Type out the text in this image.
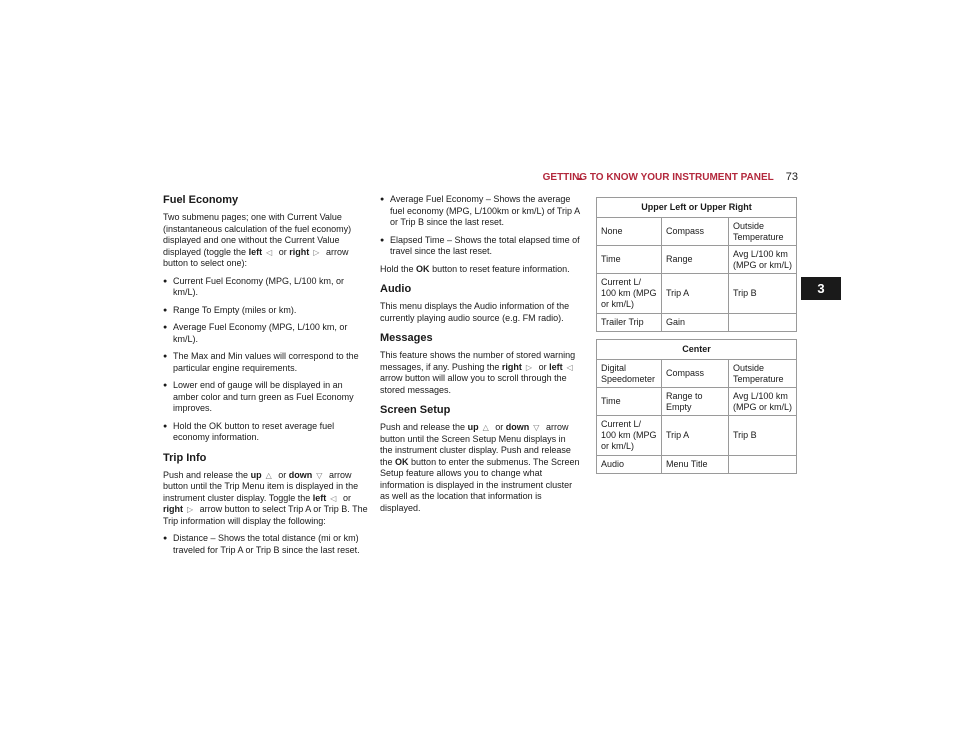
GETTING TO KNOW YOUR INSTRUMENT PANEL 73
3
Fuel Economy

Two submenu pages; one with Current Value (instantaneous calculation of the fuel economy) displayed and one without the Current Value displayed (toggle the left ◁ or right ▷ arrow button to select one):

● Current Fuel Economy (MPG, L/100 km, or km/L).
● Range To Empty (miles or km).
● Average Fuel Economy (MPG, L/100 km, or km/L).
● The Max and Min values will correspond to the particular engine requirements.
● Lower end of gauge will be displayed in an amber color and turn green as Fuel Economy improves.
● Hold the OK button to reset average fuel economy information.
Trip Info

Push and release the up △ or down ▽ arrow button until the Trip Menu item is displayed in the instrument cluster display. Toggle the left ◁ or right ▷ arrow button to select Trip A or Trip B. The Trip information will display the following:

● Distance – Shows the total distance (mi or km) traveled for Trip A or Trip B since the last reset.
● Average Fuel Economy – Shows the average fuel economy (MPG, L/100km or km/L) of Trip A or Trip B since the last reset.
● Elapsed Time – Shows the total elapsed time of travel since the last reset.

Hold the OK button to reset feature information.

Audio

This menu displays the Audio information of the currently playing audio source (e.g. FM radio).

Messages

This feature shows the number of stored warning messages, if any. Pushing the right ▷ or left ◁ arrow button will allow you to scroll through the stored messages.

Screen Setup

Push and release the up △ or down ▽ arrow button until the Screen Setup Menu displays in the instrument cluster display. Push and release the OK button to enter the submenus. The Screen Setup feature allows you to change what information is displayed in the instrument cluster as well as the location that information is displayed.

Upper Left or Upper Right		
None	Compass	Outside Temperature
Time	Range	Avg L/100 km (MPG or km/L)
Current L/ 100 km (MPG or km/L)	Trip A	Trip B
Trailer Trip	Gain	
Center		
Digital Speedometer	Compass	Outside Temperature
Time	Range to Empty	Avg L/100 km (MPG or km/L)
Current L/ 100 km (MPG or km/L)	Trip A	Trip B
Audio	Menu Title	
